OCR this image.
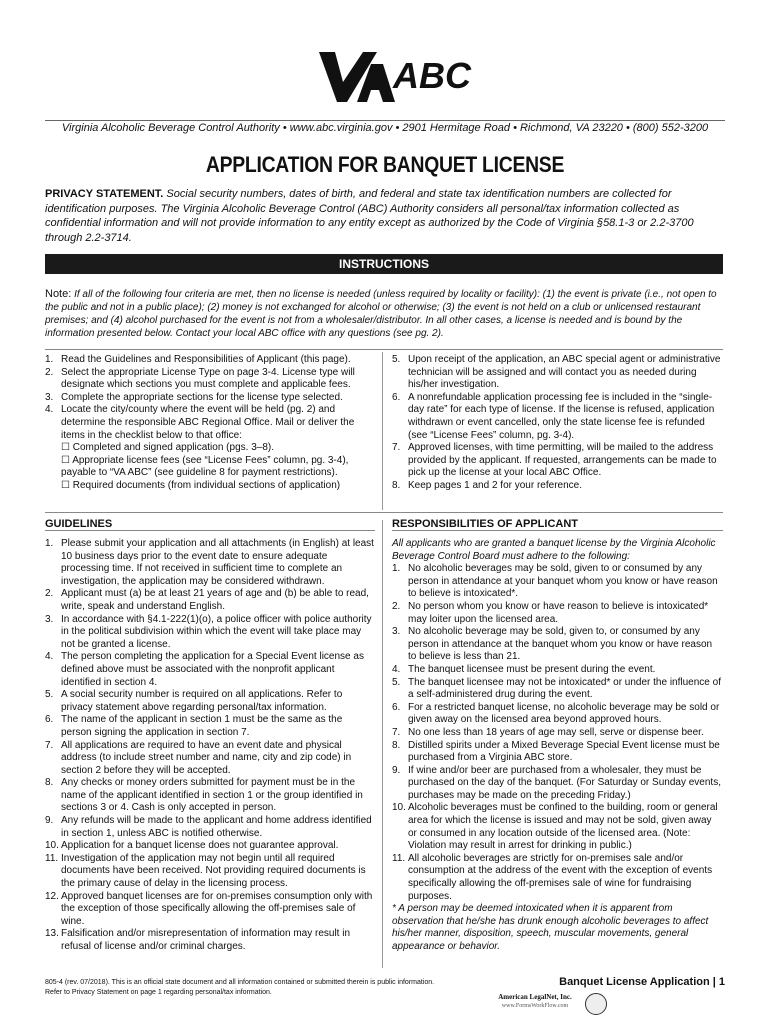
ABC
Virginia Alcoholic Beverage Control Authority • www.abc.virginia.gov • 2901 Hermitage Road • Richmond, VA 23220 • (800) 552-3200
APPLICATION FOR BANQUET LICENSE
PRIVACY STATEMENT. Social security numbers, dates of birth, and federal and state tax identification numbers are collected for identification purposes. The Virginia Alcoholic Beverage Control (ABC) Authority considers all personal/tax information collected as confidential information and will not provide information to any entity except as authorized by the Code of Virginia §58.1-3 or 2.2-3700 through 2.2-3714.
INSTRUCTIONS
Note: If all of the following four criteria are met, then no license is needed (unless required by locality or facility): (1) the event is private (i.e., not open to the public and not in a public place); (2) money is not exchanged for alcohol or otherwise; (3) the event is not held on a club or unlicensed restaurant premises; and (4) alcohol purchased for the event is not from a wholesaler/distributor. In all other cases, a license is needed and is bound by the information presented below. Contact your local ABC office with any questions (see pg. 2).
1. Read the Guidelines and Responsibilities of Applicant (this page).
2. Select the appropriate License Type on page 3-4. License type will designate which sections you must complete and applicable fees.
3. Complete the appropriate sections for the license type selected.
4. Locate the city/county where the event will be held (pg. 2) and determine the responsible ABC Regional Office. Mail or deliver the items in the checklist below to that office:
☐ Completed and signed application (pgs. 3–8).
☐ Appropriate license fees (see “License Fees” column, pg. 3-4), payable to “VA ABC” (see guideline 8 for payment restrictions).
☐ Required documents (from individual sections of application)
5. Upon receipt of the application, an ABC special agent or administrative technician will be assigned and will contact you as needed during his/her investigation.
6. A nonrefundable application processing fee is included in the “single-day rate” for each type of license. If the license is refused, application withdrawn or event cancelled, only the state license fee is refunded (see “License Fees” column, pg. 3-4).
7. Approved licenses, with time permitting, will be mailed to the address provided by the applicant. If requested, arrangements can be made to pick up the license at your local ABC Office.
8. Keep pages 1 and 2 for your reference.
GUIDELINES	RESPONSIBILITIES OF APPLICANT
1. Please submit your application and all attachments (in English) at least 10 business days prior to the event date to ensure adequate processing time. If not received in sufficient time to complete an investigation, the application may be considered withdrawn.
2. Applicant must (a) be at least 21 years of age and (b) be able to read, write, speak and understand English.
3. In accordance with §4.1-222(1)(o), a police officer with police authority in the political subdivision within which the event will take place may not be granted a license.
4. The person completing the application for a Special Event license as defined above must be associated with the nonprofit applicant identified in section 4.
5. A social security number is required on all applications. Refer to privacy statement above regarding personal/tax information.
6. The name of the applicant in section 1 must be the same as the person signing the application in section 7.
7. All applications are required to have an event date and physical address (to include street number and name, city and zip code) in section 2 before they will be accepted.
8. Any checks or money orders submitted for payment must be in the name of the applicant identified in section 1 or the group identified in sections 3 or 4. Cash is only accepted in person.
9. Any refunds will be made to the applicant and home address identified in section 1, unless ABC is notified otherwise.
10. Application for a banquet license does not guarantee approval.
11. Investigation of the application may not begin until all required documents have been received. Not providing required documents is the primary cause of delay in the licensing process.
12. Approved banquet licenses are for on-premises consumption only with the exception of those specifically allowing the off-premises sale of wine.
13. Falsification and/or misrepresentation of information may result in refusal of license and/or criminal charges.
All applicants who are granted a banquet license by the Virginia Alcoholic Beverage Control Board must adhere to the following:
1. No alcoholic beverages may be sold, given to or consumed by any person in attendance at your banquet whom you know or have reason to believe is intoxicated*.
2. No person whom you know or have reason to believe is intoxicated* may loiter upon the licensed area.
3. No alcoholic beverage may be sold, given to, or consumed by any person in attendance at the banquet whom you know or have reason to believe is less than 21.
4. The banquet licensee must be present during the event.
5. The banquet licensee may not be intoxicated* or under the influence of a self-administered drug during the event.
6. For a restricted banquet license, no alcoholic beverage may be sold or given away on the licensed area beyond approved hours.
7. No one less than 18 years of age may sell, serve or dispense beer.
8. Distilled spirits under a Mixed Beverage Special Event license must be purchased from a Virginia ABC store.
9. If wine and/or beer are purchased from a wholesaler, they must be purchased on the day of the banquet. (For Saturday or Sunday events, purchases may be made on the preceding Friday.)
10. Alcoholic beverages must be confined to the building, room or general area for which the license is issued and may not be sold, given away or consumed in any location outside of the licensed area. (Note: Violation may result in arrest for drinking in public.)
11. All alcoholic beverages are strictly for on-premises sale and/or consumption at the address of the event with the exception of events specifically allowing the off-premises sale of wine for fundraising purposes.
* A person may be deemed intoxicated when it is apparent from observation that he/she has drunk enough alcoholic beverages to affect his/her manner, disposition, speech, muscular movements, general appearance or behavior.
805-4 (rev. 07/2018). This is an official state document and all information contained or submitted therein is public information.
Refer to Privacy Statement on page 1 regarding personal/tax information.
Banquet License Application | 1
American LegalNet, Inc.
www.FormsWorkFlow.com
